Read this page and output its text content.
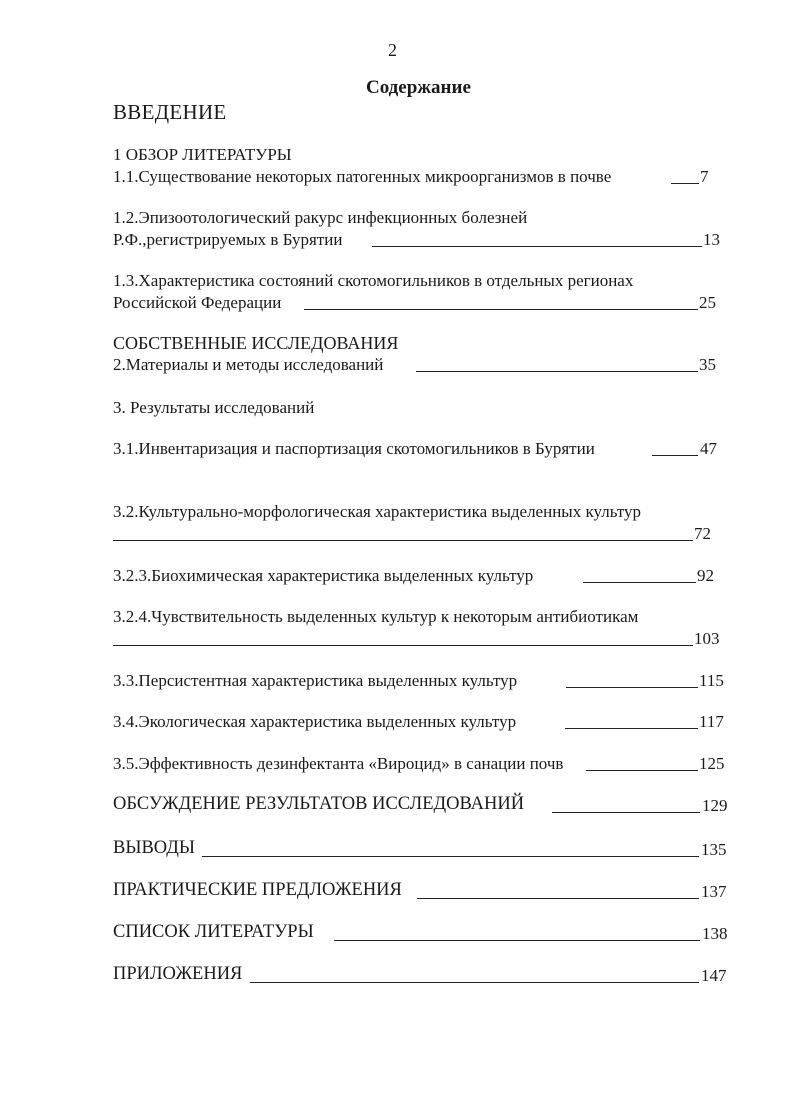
2
Содержание
ВВЕДЕНИЕ
1 ОБЗОР ЛИТЕРАТУРЫ
1.1.Существование некоторых патогенных микроорганизмов в почве	7
1.2.Эпизоотологический ракурс инфекционных болезней
Р.Ф.,регистрируемых в Бурятии	13
1.3.Характеристика состояний скотомогильников в отдельных регионах
Российской Федерации	25
СОБСТВЕННЫЕ ИССЛЕДОВАНИЯ
2.Материалы и методы исследований	35
3. Результаты исследований
3.1.Инвентаризация и паспортизация скотомогильников в Бурятии	47
3.2.Культурально-морфологическая характеристика выделенных культур
72
3.2.3.Биохимическая характеристика выделенных культур	92
3.2.4.Чувствительность выделенных культур к некоторым антибиотикам
103
3.3.Персистентная характеристика выделенных культур	115
3.4.Экологическая характеристика выделенных культур	117
3.5.Эффективность дезинфектанта «Вироцид» в санации почв	125
ОБСУЖДЕНИЕ РЕЗУЛЬТАТОВ ИССЛЕДОВАНИЙ	129
ВЫВОДЫ	135
ПРАКТИЧЕСКИЕ ПРЕДЛОЖЕНИЯ	137
СПИСОК ЛИТЕРАТУРЫ	138
ПРИЛОЖЕНИЯ	147
